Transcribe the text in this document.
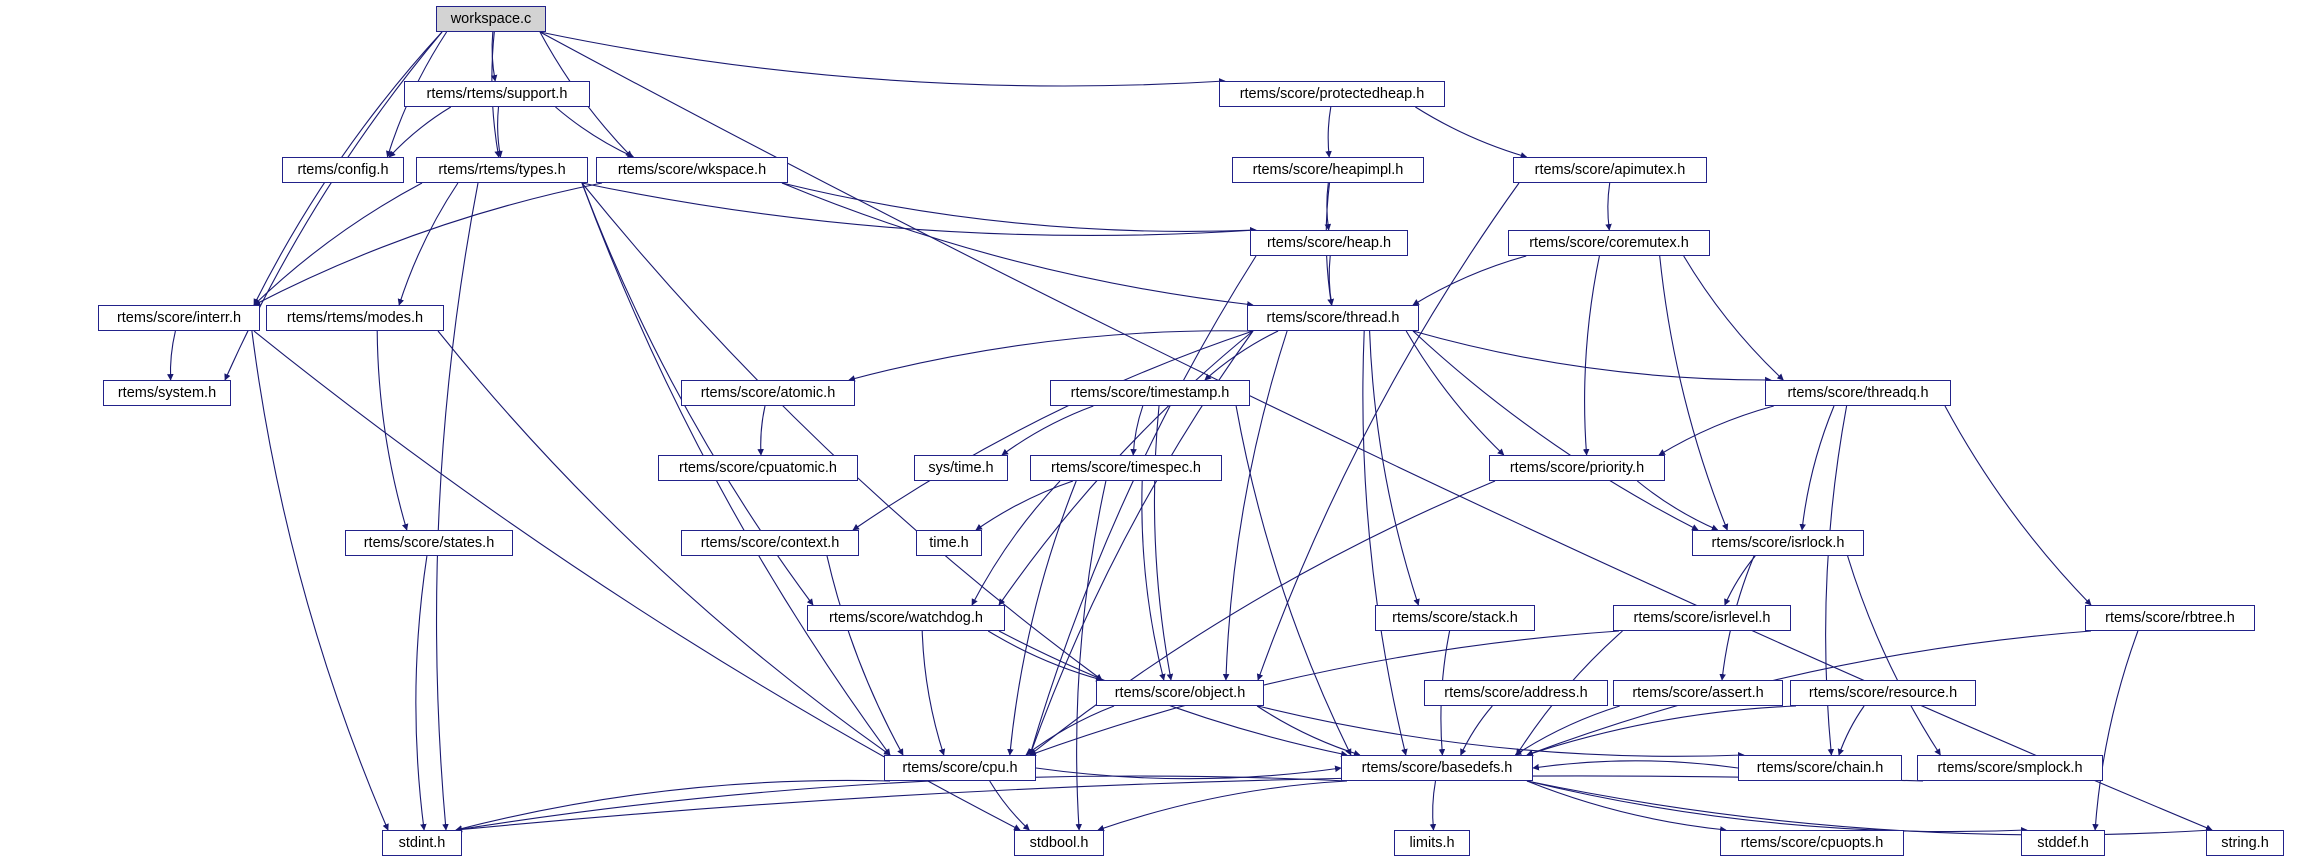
workspace.c
rtems/rtems/support.h	rtems/score/protectedheap.h
rtems/config.h	rtems/rtems/types.h	rtems/score/wkspace.h	rtems/score/heapimpl.h	rtems/score/apimutex.h
rtems/score/heap.h	rtems/score/coremutex.h
rtems/score/interr.h	rtems/rtems/modes.h	rtems/score/thread.h
rtems/system.h	rtems/score/atomic.h	rtems/score/timestamp.h	rtems/score/threadq.h
rtems/score/cpuatomic.h	sys/time.h	rtems/score/timespec.h	rtems/score/priority.h
rtems/score/states.h	rtems/score/context.h	time.h	rtems/score/isrlock.h
rtems/score/watchdog.h	rtems/score/stack.h	rtems/score/isrlevel.h	rtems/score/rbtree.h
rtems/score/object.h	rtems/score/address.h	rtems/score/assert.h	rtems/score/resource.h
rtems/score/cpu.h	rtems/score/basedefs.h	rtems/score/chain.h	rtems/score/smplock.h
stdint.h	stdbool.h	limits.h	rtems/score/cpuopts.h	stddef.h	string.h
